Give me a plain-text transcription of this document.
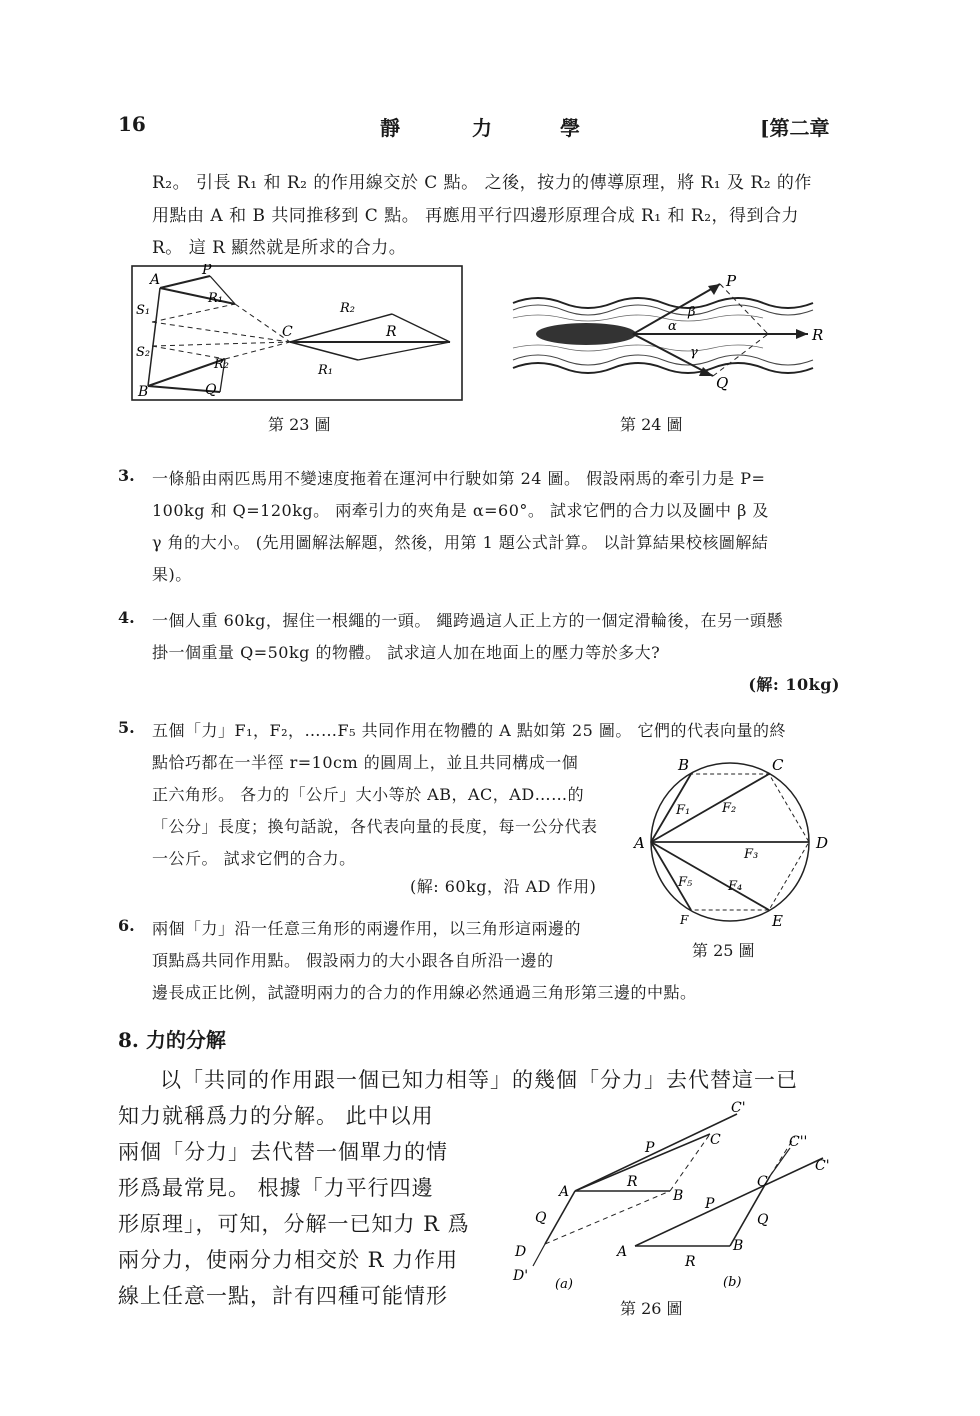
16	靜	力	學	[第二章
R₂。 引長 R₁ 和 R₂ 的作用線交於 C 點。 之後，按力的傳導原理，將 R₁ 及 R₂ 的作
用點由 A 和 B 共同推移到 C 點。 再應用平行四邊形原理合成 R₁ 和 R₂，得到合力
R。 這 R 顯然就是所求的合力。
A
B
C
P
Q
R
R₁
R₁
R₂
R₂
S₁
S₂
第 23 圖
P
Q
R
α
β
γ
第 24 圖
3. 一條船由兩匹馬用不變速度拖着在運河中行駛如第 24 圖。 假設兩馬的牽引力是 P=
100kg 和 Q=120kg。 兩牽引力的夾角是 α=60°。 試求它們的合力以及圖中 β 及
γ 角的大小。 (先用圖解法解題，然後，用第 1 題公式計算。 以計算結果校核圖解結
果)。
4. 一個人重 60kg，握住一根繩的一頭。 繩跨過這人正上方的一個定滑輪後，在另一頭懸
掛一個重量 Q=50kg 的物體。 試求這人加在地面上的壓力等於多大?
(解: 10kg)
5. 五個「力」F₁，F₂，……F₅ 共同作用在物體的 A 點如第 25 圖。 它們的代表向量的終
點恰巧都在一半徑 r=10cm 的圓周上，並且共同構成一個
正六角形。 各力的「公斤」大小等於 AB，AC，AD……的
「公分」長度；換句話說，各代表向量的長度，每一公分代表
一公斤。 試求它們的合力。
(解: 60kg，沿 AD 作用)
A
B	C
D
E
F
F₁ F₂
F₃
F₄
F₅
第 25 圖
6. 兩個「力」沿一任意三角形的兩邊作用，以三角形這兩邊的
頂點爲共同作用點。 假設兩力的大小跟各自所沿一邊的
邊長成正比例，試證明兩力的合力的作用線必然通過三角形第三邊的中點。
8. 力的分解
以「共同的作用跟一個已知力相等」的幾個「分力」去代替這一已
知力就稱爲力的分解。 此中以用
兩個「分力」去代替一個單力的情
形爲最常見。 根據「力平行四邊
形原理」，可知，分解一已知力 R 爲
兩分力，使兩分力相交於 R 力作用
線上任意一點，計有四種可能情形
A	B
C
C'
D
D'
P
Q
R
A	B
C
C''
C'
P
Q
R
(a)	(b)
第 26 圖
